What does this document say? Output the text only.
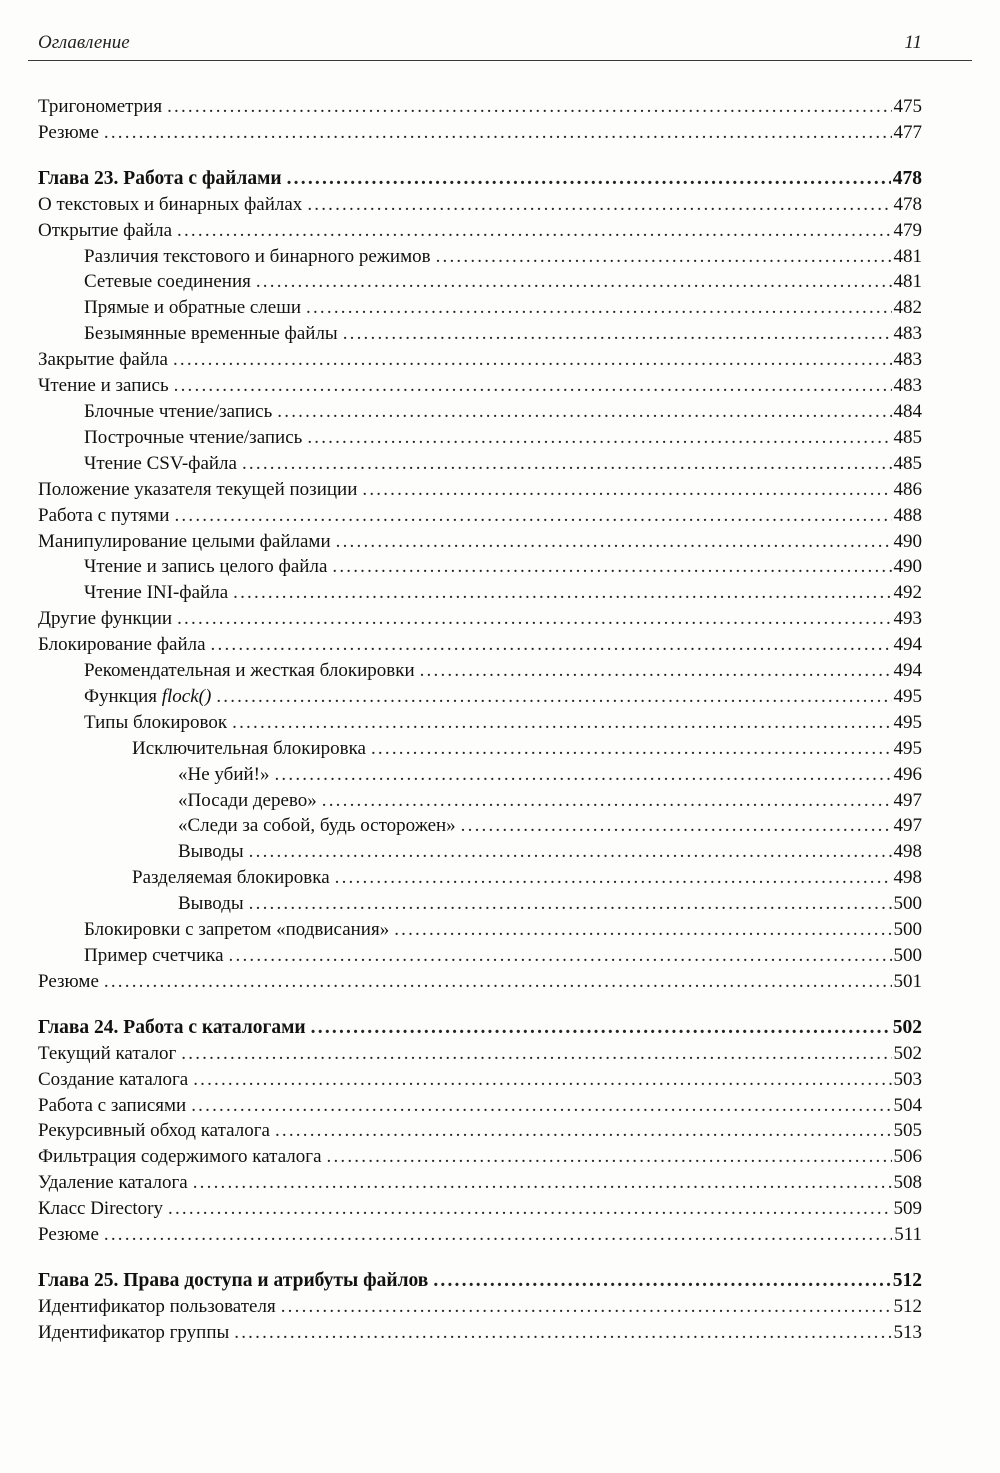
Оглавление	11
Тригонометрия .....	475
Резюме .....	477
Глава 23. Работа с файлами .....	478
О текстовых и бинарных файлах .....	478
Открытие файла .....	479
Различия текстового и бинарного режимов .....	481
Сетевые соединения .....	481
Прямые и обратные слеши .....	482
Безымянные временные файлы .....	483
Закрытие файла .....	483
Чтение и запись .....	483
Блочные чтение/запись .....	484
Построчные чтение/запись .....	485
Чтение CSV-файла .....	485
Положение указателя текущей позиции .....	486
Работа с путями .....	488
Манипулирование целыми файлами .....	490
Чтение и запись целого файла .....	490
Чтение INI-файла .....	492
Другие функции .....	493
Блокирование файла .....	494
Рекомендательная и жесткая блокировки .....	494
Функция flock() .....	495
Типы блокировок .....	495
Исключительная блокировка .....	495
«Не убий!» .....	496
«Посади дерево» .....	497
«Следи за собой, будь осторожен» .....	497
Выводы .....	498
Разделяемая блокировка .....	498
Выводы .....	500
Блокировки с запретом «подвисания» .....	500
Пример счетчика .....	500
Резюме .....	501
Глава 24. Работа с каталогами .....	502
Текущий каталог .....	502
Создание каталога .....	503
Работа с записями .....	504
Рекурсивный обход каталога .....	505
Фильтрация содержимого каталога .....	506
Удаление каталога .....	508
Класс Directory .....	509
Резюме .....	511
Глава 25. Права доступа и атрибуты файлов .....	512
Идентификатор пользователя .....	512
Идентификатор группы .....	513
